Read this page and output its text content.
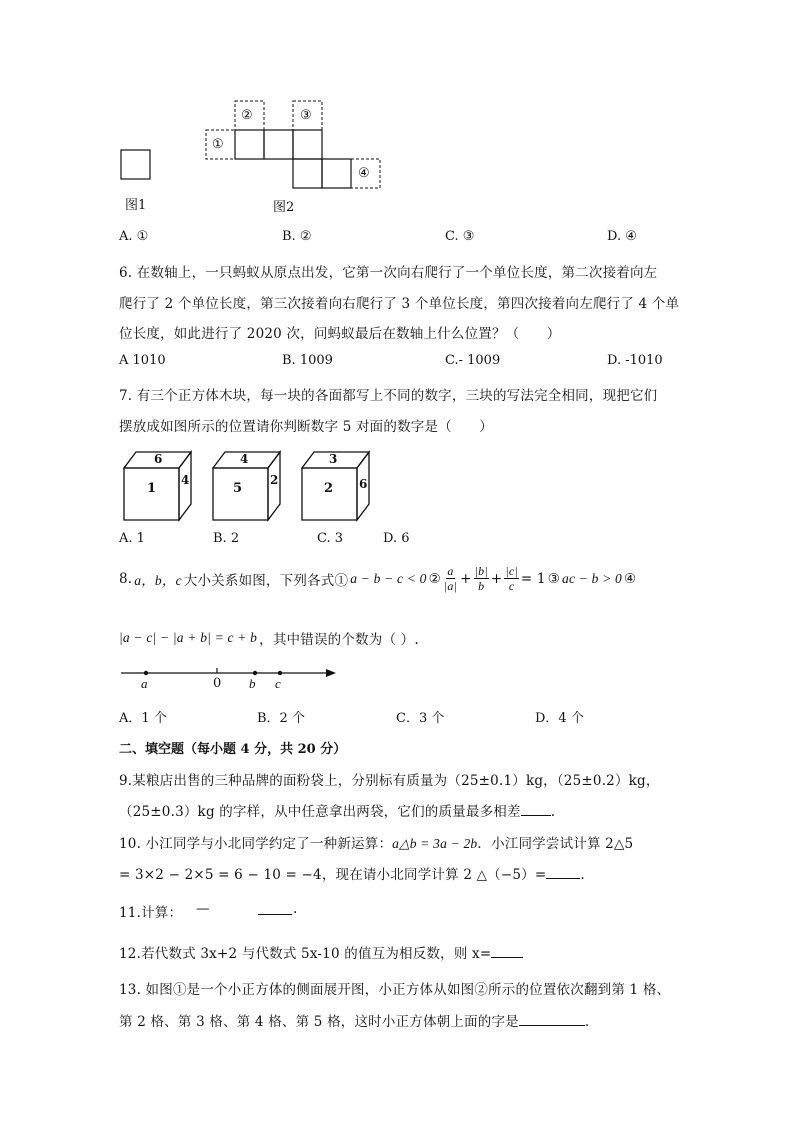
①
②	③
④
图1	图2
A. ①	B. ②	C. ③	D. ④
6. 在数轴上，一只蚂蚁从原点出发，它第一次向右爬行了一个单位长度，第二次接着向左
爬行了 2 个单位长度，第三次接着向右爬行了 3 个单位长度，第四次接着向左爬行了 4 个单
位长度，如此进行了 2020 次，问蚂蚁最后在数轴上什么位置？（　　）
A 1010	B. 1009	C.- 1009	D. -1010
7. 有三个正方体木块，每一块的各面都写上不同的数字，三块的写法完全相同，现把它们
摆放成如图所示的位置请你判断数字 5 对面的数字是（　　）
6
1
4
4
5
2
3
2 6
A. 1	B. 2	C. 3	D. 6
8. a，b，c 大小关系如图，下列各式① a − b − c < 0 ② $\frac{a}{|a|} + \frac{|b|}{b} + \frac{|c|}{c} = 1$ ③ ac − b > 0 ④
|a − c| − |a + b| = c + b ，其中错误的个数为（ ）.
a	0 b c
A．1 个	B．2 个	C．3 个	D．4 个
二、填空题（每小题 4 分，共 20 分）
9.某粮店出售的三种品牌的面粉袋上，分别标有质量为（25±0.1）kg，（25±0.2）kg，
（25±0.3）kg 的字样，从中任意拿出两袋，它们的质量最多相差 .
10. 小江同学与小北同学约定了一种新运算：a△b = 3a − 2b．小江同学尝试计算 2△5
= 3×2 − 2×5 = 6 − 10 = −4，现在请小北同学计算 2 △（−5）=	.
11.计算： —	.
12.若代数式 3x+2 与代数式 5x-10 的值互为相反数，则 x=
13. 如图①是一个小正方体的侧面展开图，小正方体从如图②所示的位置依次翻到第 1 格、
第 2 格、第 3 格、第 4 格、第 5 格，这时小正方体朝上面的字是	.
